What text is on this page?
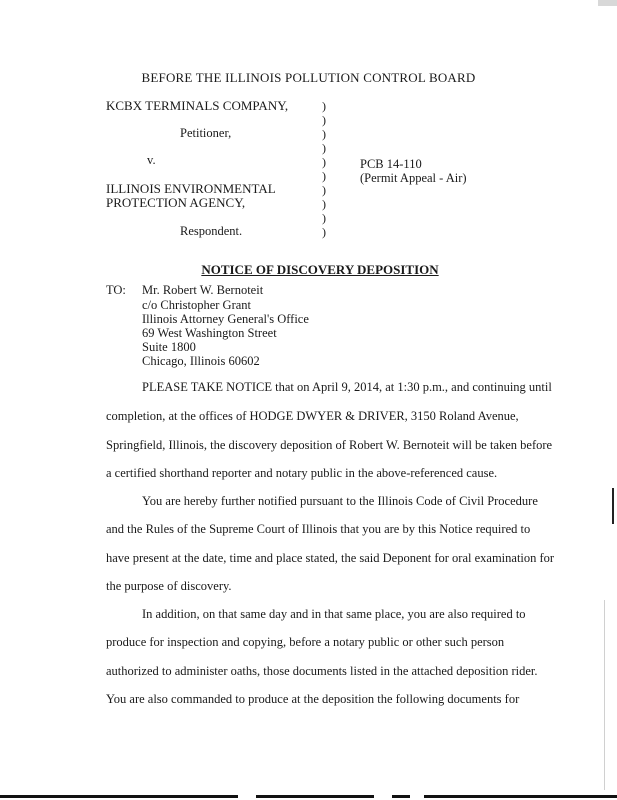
BEFORE THE ILLINOIS POLLUTION CONTROL BOARD
KCBX TERMINALS COMPANY,
Petitioner,
v.
ILLINOIS ENVIRONMENTAL
PROTECTION AGENCY,
Respondent.
PCB 14-110
(Permit Appeal - Air)
)
)
)
)
)
)
)
)
)
)
NOTICE OF DISCOVERY DEPOSITION
TO: Mr. Robert W. Bernoteit
c/o Christopher Grant
Illinois Attorney General's Office
69 West Washington Street
Suite 1800
Chicago, Illinois 60602
PLEASE TAKE NOTICE that on April 9, 2014, at 1:30 p.m., and continuing until
completion, at the offices of HODGE DWYER & DRIVER, 3150 Roland Avenue,
Springfield, Illinois, the discovery deposition of Robert W. Bernoteit will be taken before
a certified shorthand reporter and notary public in the above-referenced cause.
You are hereby further notified pursuant to the Illinois Code of Civil Procedure
and the Rules of the Supreme Court of Illinois that you are by this Notice required to
have present at the date, time and place stated, the said Deponent for oral examination for
the purpose of discovery.
In addition, on that same day and in that same place, you are also required to
produce for inspection and copying, before a notary public or other such person
authorized to administer oaths, those documents listed in the attached deposition rider.
You are also commanded to produce at the deposition the following documents for
